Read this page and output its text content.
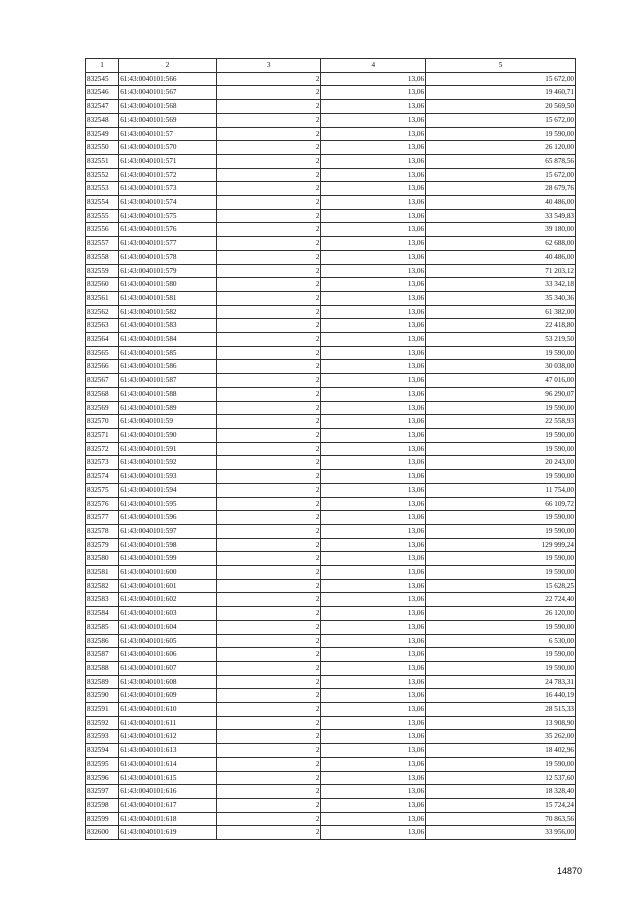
1	2	3	4	5
832545	61:43:0040101:566	2	13,06	15 672,00
832546	61:43:0040101:567	2	13,06	19 460,71
832547	61:43:0040101:568	2	13,06	20 569,50
832548	61:43:0040101:569	2	13,06	15 672,00
832549	61:43:0040101:57	2	13,06	19 590,00
832550	61:43:0040101:570	2	13,06	26 120,00
832551	61:43:0040101:571	2	13,06	65 878,56
832552	61:43:0040101:572	2	13,06	15 672,00
832553	61:43:0040101:573	2	13,06	28 679,76
832554	61:43:0040101:574	2	13,06	40 486,00
832555	61:43:0040101:575	2	13,06	33 549,83
832556	61:43:0040101:576	2	13,06	39 180,00
832557	61:43:0040101:577	2	13,06	62 688,00
832558	61:43:0040101:578	2	13,06	40 486,00
832559	61:43:0040101:579	2	13,06	71 203,12
832560	61:43:0040101:580	2	13,06	33 342,18
832561	61:43:0040101:581	2	13,06	35 340,36
832562	61:43:0040101:582	2	13,06	61 382,00
832563	61:43:0040101:583	2	13,06	22 418,80
832564	61:43:0040101:584	2	13,06	53 219,50
832565	61:43:0040101:585	2	13,06	19 590,00
832566	61:43:0040101:586	2	13,06	30 038,00
832567	61:43:0040101:587	2	13,06	47 016,00
832568	61:43:0040101:588	2	13,06	96 290,07
832569	61:43:0040101:589	2	13,06	19 590,00
832570	61:43:0040101:59	2	13,06	22 558,93
832571	61:43:0040101:590	2	13,06	19 590,00
832572	61:43:0040101:591	2	13,06	19 590,00
832573	61:43:0040101:592	2	13,06	20 243,00
832574	61:43:0040101:593	2	13,06	19 590,00
832575	61:43:0040101:594	2	13,06	11 754,00
832576	61:43:0040101:595	2	13,06	66 109,72
832577	61:43:0040101:596	2	13,06	19 590,00
832578	61:43:0040101:597	2	13,06	19 590,00
832579	61:43:0040101:598	2	13,06	129 999,24
832580	61:43:0040101:599	2	13,06	19 590,00
832581	61:43:0040101:600	2	13,06	19 590,00
832582	61:43:0040101:601	2	13,06	15 628,25
832583	61:43:0040101:602	2	13,06	22 724,40
832584	61:43:0040101:603	2	13,06	26 120,00
832585	61:43:0040101:604	2	13,06	19 590,00
832586	61:43:0040101:605	2	13,06	6 530,00
832587	61:43:0040101:606	2	13,06	19 590,00
832588	61:43:0040101:607	2	13,06	19 590,00
832589	61:43:0040101:608	2	13,06	24 783,31
832590	61:43:0040101:609	2	13,06	16 440,19
832591	61:43:0040101:610	2	13,06	28 515,33
832592	61:43:0040101:611	2	13,06	13 908,90
832593	61:43:0040101:612	2	13,06	35 262,00
832594	61:43:0040101:613	2	13,06	18 402,96
832595	61:43:0040101:614	2	13,06	19 590,00
832596	61:43:0040101:615	2	13,06	12 537,60
832597	61:43:0040101:616	2	13,06	18 328,40
832598	61:43:0040101:617	2	13,06	15 724,24
832599	61:43:0040101:618	2	13,06	70 863,56
832600	61:43:0040101:619	2	13,06	33 956,00
14870
